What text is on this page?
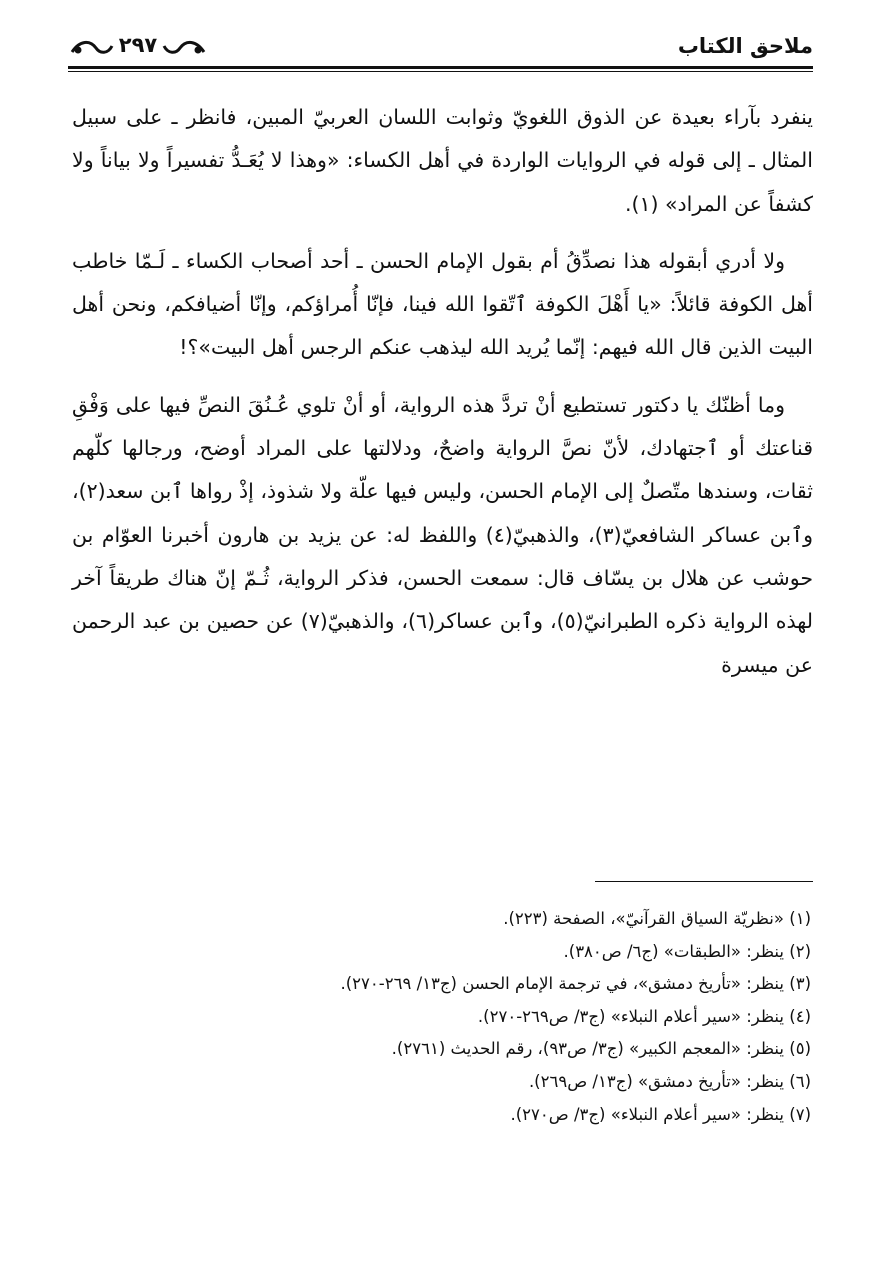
ملاحق الكتاب
٢٩٧

ينفرد بآراء بعيدة عن الذوق اللغويّ وثوابت اللسان العربيّ المبين، فانظر ـ على سبيل المثال ـ إلى قوله في الروايات الواردة في أهل الكساء: «وهذا لا يُعَـدُّ تفسيراً ولا بياناً ولا كشفاً عن المراد» (١).

ولا أدري أبقوله هذا نصدِّقُ أم بقول الإمام الحسن ـ أحد أصحاب الكساء ـ لَـمّا خاطب أهل الكوفة قائلاً: «يا أَهْلَ الكوفة ٱتّقوا الله فينا، فإنّا أُمراؤكم، وإنّا أضيافكم، ونحن أهل البيت الذين قال الله فيهم: إنّما يُريد الله ليذهب عنكم الرجس أهل البيت»؟!

وما أظنّك يا دكتور تستطيع أنْ تردَّ هذه الرواية، أو أنْ تلوي عُـنُقَ النصِّ فيها على وَفْقِ قناعتك أو ٱجتهادك، لأنّ نصَّ الرواية واضحٌ، ودلالتها على المراد أوضح، ورجالها كلّهم ثقات، وسندها متّصلٌ إلى الإمام الحسن، وليس فيها علّة ولا شذوذ، إذْ رواها ٱبن سعد(٢)، وٱبن عساكر الشافعيّ(٣)، والذهبيّ(٤) واللفظ له: عن يزيد بن هارون أخبرنا العوّام بن حوشب عن هلال بن يسّاف قال: سمعت الحسن، فذكر الرواية، ثُـمّ إنّ هناك طريقاً آخر لهذه الرواية ذكره الطبرانيّ(٥)، وٱبن عساكر(٦)، والذهبيّ(٧) عن حصين بن عبد الرحمن عن ميسرة

(١) «نظريّة السياق القرآنيّ»، الصفحة (٢٢٣).
(٢) ينظر: «الطبقات» (ج٦/ ص٣٨٠).
(٣) ينظر: «تأريخ دمشق»، في ترجمة الإمام الحسن (ج١٣/ ٢٦٩-٢٧٠).
(٤) ينظر: «سير أعلام النبلاء» (ج٣/ ص٢٦٩-٢٧٠).
(٥) ينظر: «المعجم الكبير» (ج٣/ ص٩٣)، رقم الحديث (٢٧٦١).
(٦) ينظر: «تأريخ دمشق» (ج١٣/ ص٢٦٩).
(٧) ينظر: «سير أعلام النبلاء» (ج٣/ ص٢٧٠).
